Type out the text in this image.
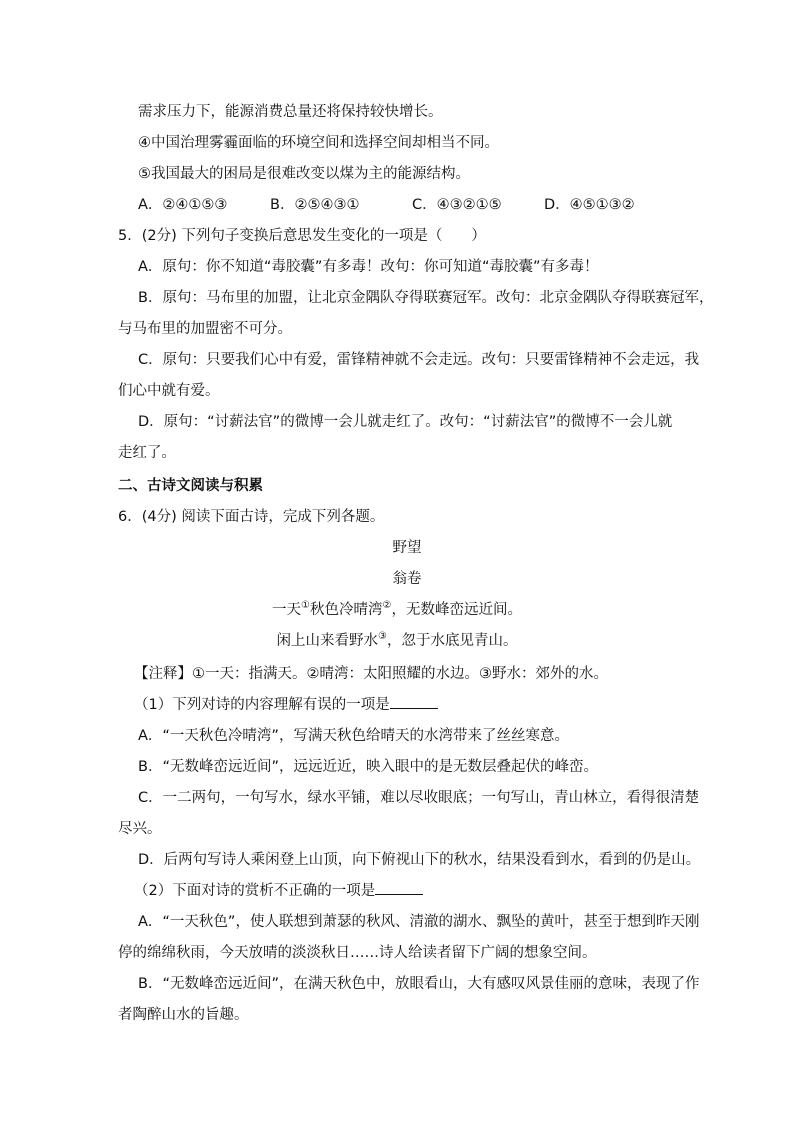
需求压力下，能源消费总量还将保持较快增长。
④中国治理雾霾面临的环境空间和选择空间却相当不同。
⑤我国最大的困局是很难改变以煤为主的能源结构。
A．②④①⑤③	B．②⑤④③①	C．④③②①⑤	D．④⑤①③②
5．(2分) 下列句子变换后意思发生变化的一项是（　　）
A．原句：你不知道“毒胶囊”有多毒！改句：你可知道“毒胶囊”有多毒！
B．原句：马布里的加盟，让北京金隅队夺得联赛冠军。改句：北京金隅队夺得联赛冠军，
与马布里的加盟密不可分。
C．原句：只要我们心中有爱，雷锋精神就不会走远。改句：只要雷锋精神不会走远，我
们心中就有爱。
D．原句：“讨薪法官”的微博一会儿就走红了。改句：“讨薪法官”的微博不一会儿就
走红了。
二、古诗文阅读与积累
6．(4分) 阅读下面古诗，完成下列各题。
野望
翁卷
一天①秋色冷晴湾②，无数峰峦远近间。
闲上山来看野水③，忽于水底见青山。
【注释】①一天：指满天。②晴湾：太阳照耀的水边。③野水：郊外的水。
（1）下列对诗的内容理解有误的一项是
A．“一天秋色冷晴湾”，写满天秋色给晴天的水湾带来了丝丝寒意。
B．“无数峰峦远近间”，远远近近，映入眼中的是无数层叠起伏的峰峦。
C．一二两句，一句写水，绿水平铺，难以尽收眼底；一句写山，青山林立，看得很清楚
尽兴。
D．后两句写诗人乘闲登上山顶，向下俯视山下的秋水，结果没看到水，看到的仍是山。
（2）下面对诗的赏析不正确的一项是
A．“一天秋色”，使人联想到萧瑟的秋风、清澈的湖水、飘坠的黄叶，甚至于想到昨天刚
停的绵绵秋雨，今天放晴的淡淡秋日……诗人给读者留下广阔的想象空间。
B．“无数峰峦远近间”，在满天秋色中，放眼看山，大有感叹风景佳丽的意味，表现了作
者陶醉山水的旨趣。
